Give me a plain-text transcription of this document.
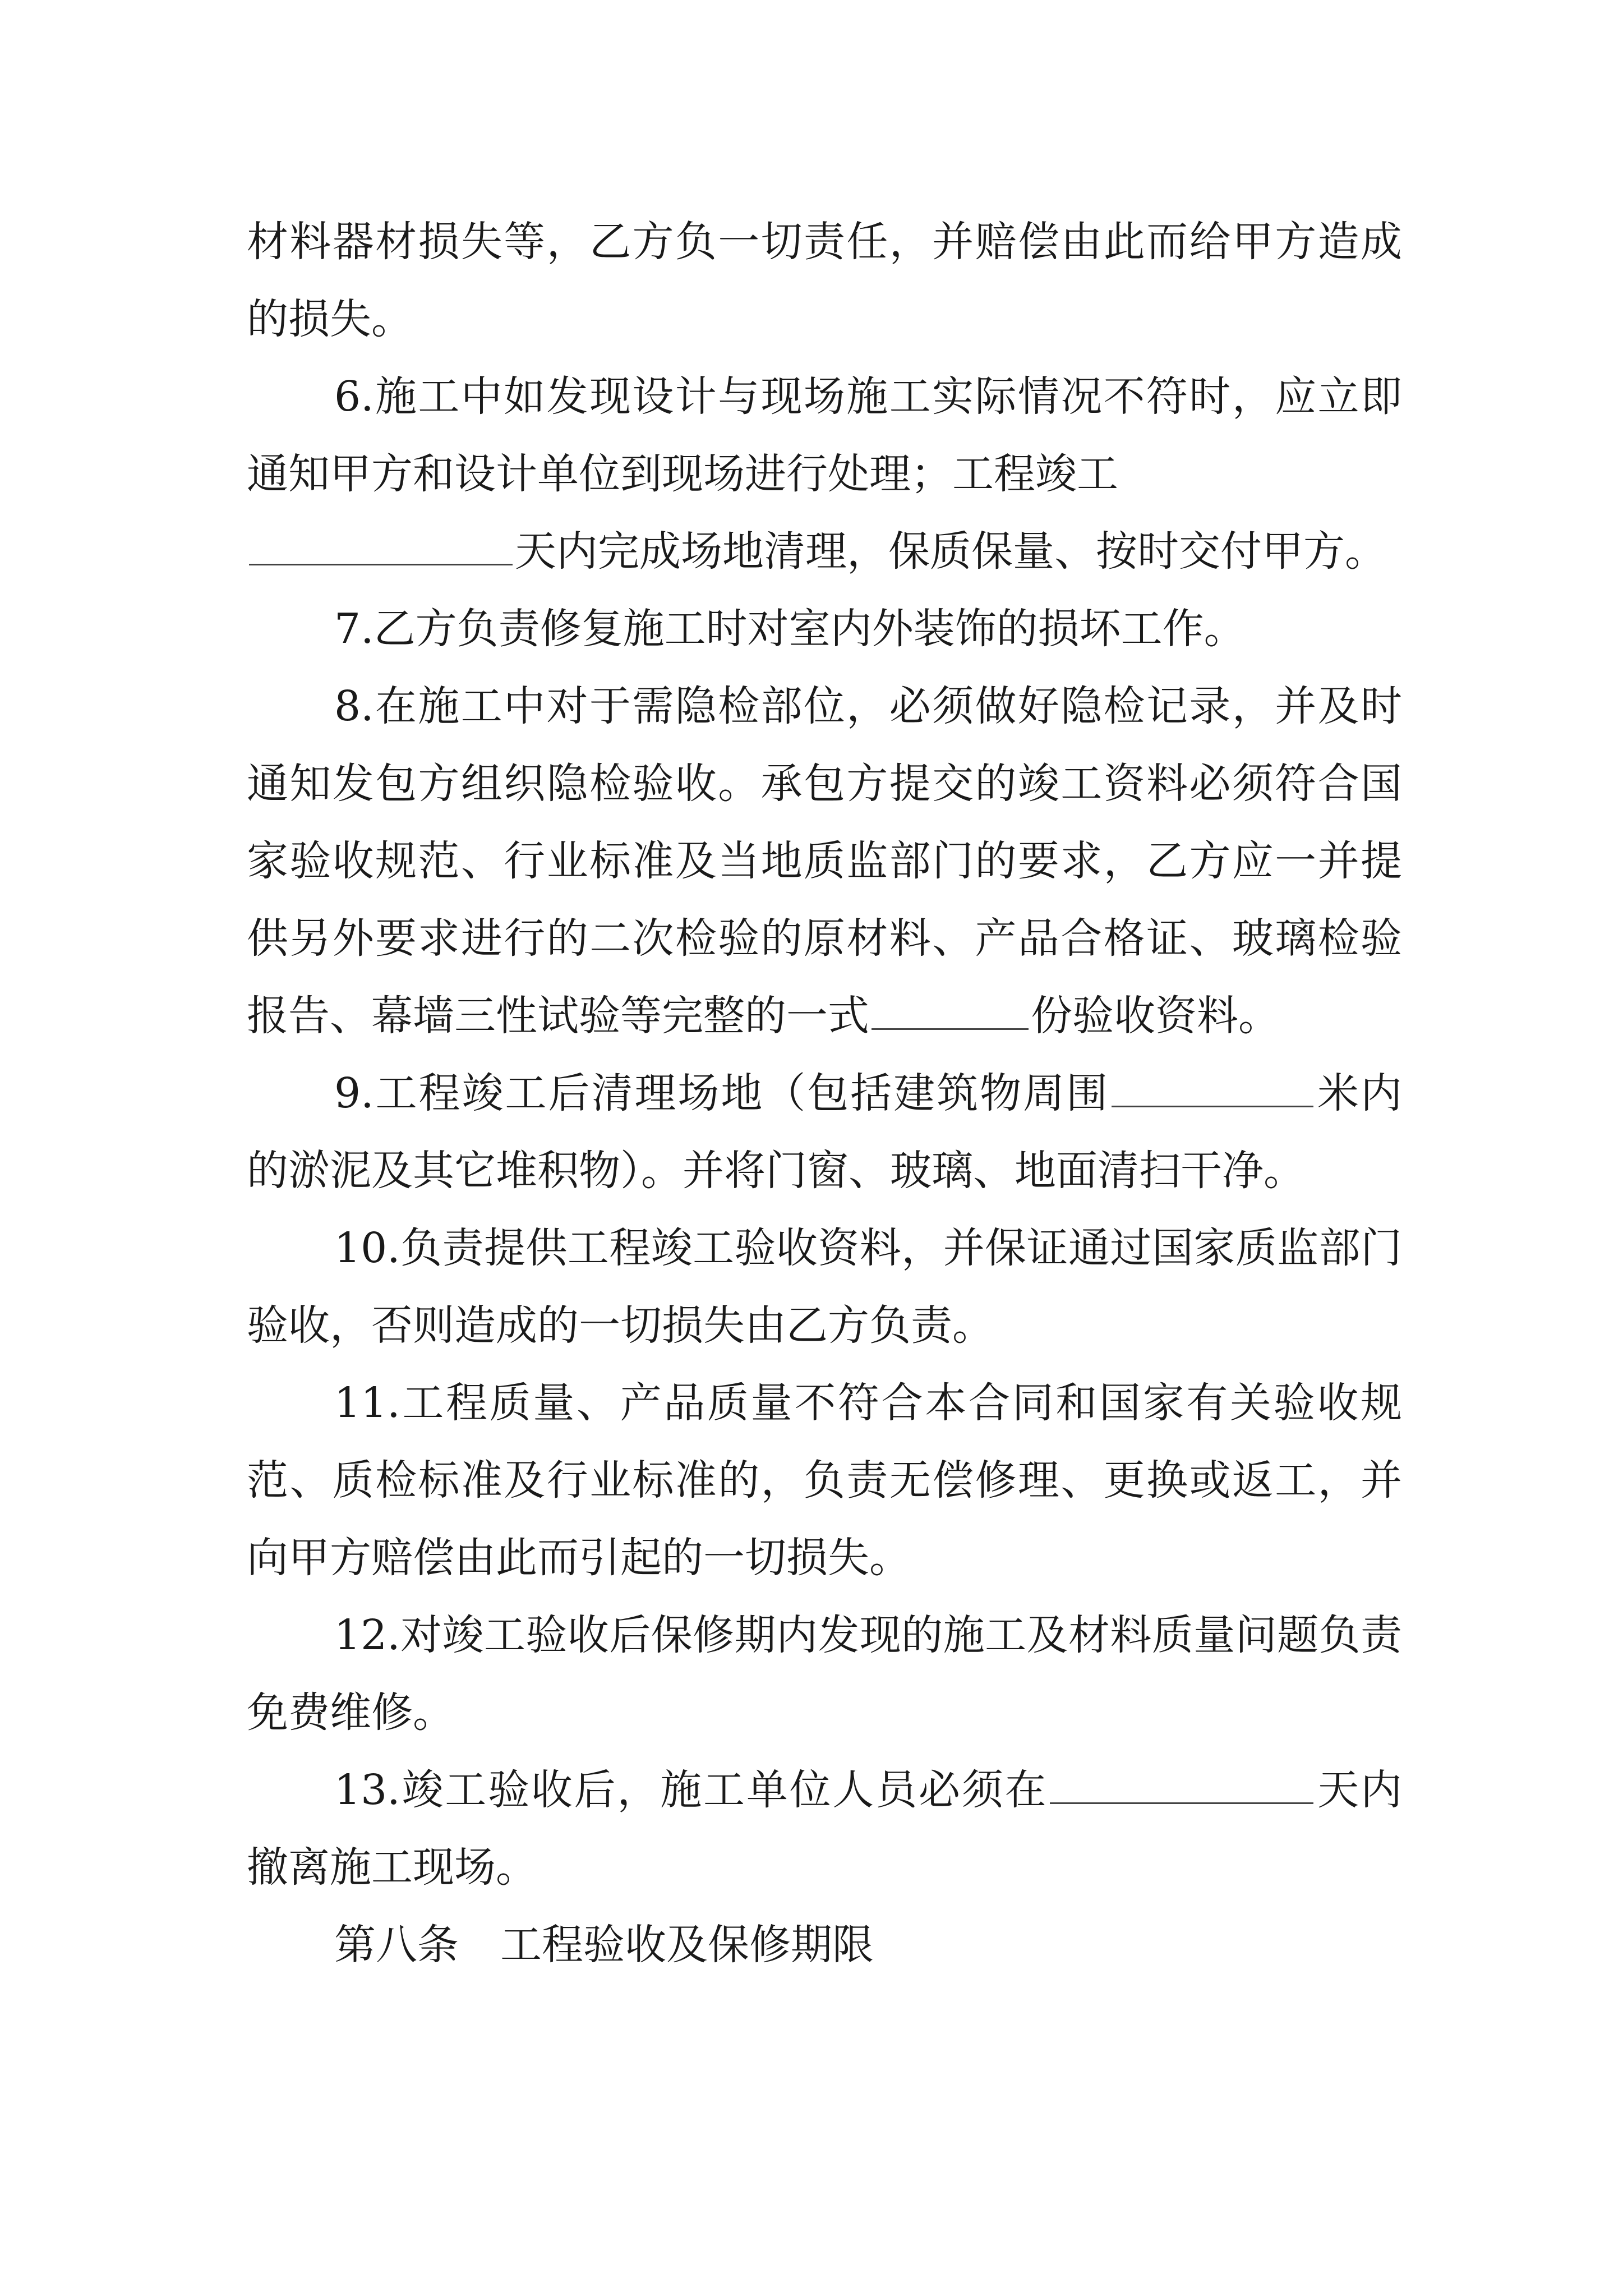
材料器材损失等，乙方负一切责任，并赔偿由此而给甲方造成的损失。

6.施工中如发现设计与现场施工实际情况不符时，应立即通知甲方和设计单位到现场进行处理；工程竣工
天内完成场地清理，保质保量、按时交付甲方。

7.乙方负责修复施工时对室内外装饰的损坏工作。

8.在施工中对于需隐检部位，必须做好隐检记录，并及时通知发包方组织隐检验收。承包方提交的竣工资料必须符合国家验收规范、行业标准及当地质监部门的要求，乙方应一并提供另外要求进行的二次检验的原材料、产品合格证、玻璃检验报告、幕墙三性试验等完整的一式	份验收资料。

9.工程竣工后清理场地（包括建筑物周围	米内的淤泥及其它堆积物）。并将门窗、玻璃、地面清扫干净。

10.负责提供工程竣工验收资料，并保证通过国家质监部门验收，否则造成的一切损失由乙方负责。

11.工程质量、产品质量不符合本合同和国家有关验收规范、质检标准及行业标准的，负责无偿修理、更换或返工，并向甲方赔偿由此而引起的一切损失。

12.对竣工验收后保修期内发现的施工及材料质量问题负责免费维修。

13.竣工验收后，施工单位人员必须在	天内撤离施工现场。

第八条　工程验收及保修期限
